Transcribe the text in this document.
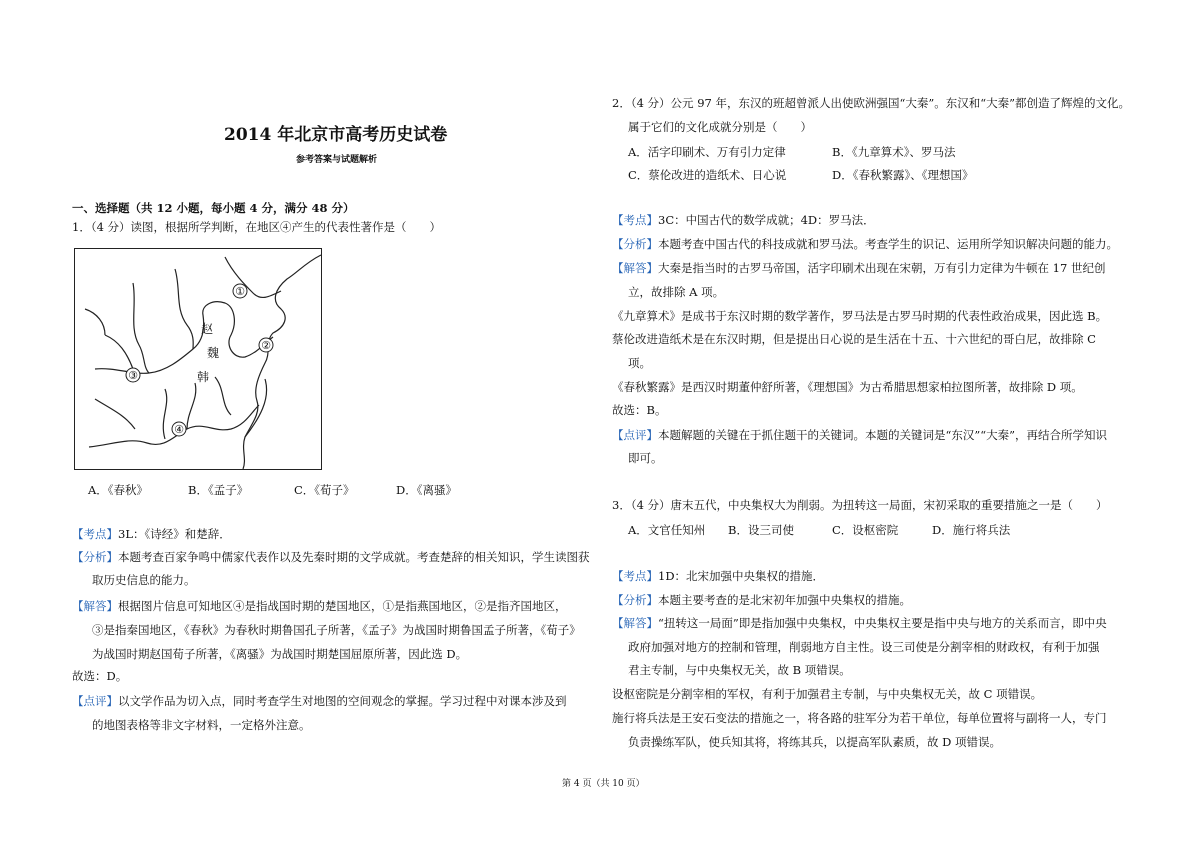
2014 年北京市高考历史试卷
参考答案与试题解析
一、选择题（共 12 小题，每小题 4 分，满分 48 分）
1．（4 分）读图，根据所学判断，在地区④产生的代表性著作是（　　）
①
②
③
④
赵
魏
韩
A．《春秋》	B．《孟子》	C．《荀子》	D．《离骚》
【考点】3L：《诗经》和楚辞．
【分析】本题考查百家争鸣中儒家代表作以及先秦时期的文学成就。考查楚辞的相关知识，学生读图获
取历史信息的能力。
【解答】根据图片信息可知地区④是指战国时期的楚国地区，①是指燕国地区，②是指齐国地区，
③是指秦国地区，《春秋》为春秋时期鲁国孔子所著，《孟子》为战国时期鲁国孟子所著，《荀子》
为战国时期赵国荀子所著，《离骚》为战国时期楚国屈原所著，因此选 D。
故选：D。
【点评】以文学作品为切入点，同时考查学生对地图的空间观念的掌握。学习过程中对课本涉及到
的地图表格等非文字材料，一定格外注意。
2．（4 分）公元 97 年，东汉的班超曾派人出使欧洲强国“大秦”。东汉和“大秦”都创造了辉煌的文化。
属于它们的文化成就分别是（　　）
A．活字印刷术、万有引力定律	B．《九章算术》、罗马法
C．蔡伦改进的造纸术、日心说	D．《春秋繁露》、《理想国》
【考点】3C：中国古代的数学成就；4D：罗马法．
【分析】本题考查中国古代的科技成就和罗马法。考查学生的识记、运用所学知识解决问题的能力。
【解答】大秦是指当时的古罗马帝国，活字印刷术出现在宋朝，万有引力定律为牛顿在 17 世纪创
立，故排除 A 项。
《九章算术》是成书于东汉时期的数学著作，罗马法是古罗马时期的代表性政治成果，因此选 B。
蔡伦改进造纸术是在东汉时期，但是提出日心说的是生活在十五、十六世纪的哥白尼，故排除 C
项。
《春秋繁露》是西汉时期董仲舒所著，《理想国》为古希腊思想家柏拉图所著，故排除 D 项。
故选：B。
【点评】本题解题的关键在于抓住题干的关键词。本题的关键词是“东汉”“大秦”，再结合所学知识
即可。
3．（4 分）唐末五代，中央集权大为削弱。为扭转这一局面，宋初采取的重要措施之一是（　　）
A．文官任知州 B．设三司使	C．设枢密院	D．施行将兵法
【考点】1D：北宋加强中央集权的措施．
【分析】本题主要考查的是北宋初年加强中央集权的措施。
【解答】“扭转这一局面”即是指加强中央集权，中央集权主要是指中央与地方的关系而言，即中央
政府加强对地方的控制和管理，削弱地方自主性。设三司使是分割宰相的财政权，有利于加强
君主专制，与中央集权无关，故 B 项错误。
设枢密院是分割宰相的军权，有利于加强君主专制，与中央集权无关，故 C 项错误。
施行将兵法是王安石变法的措施之一，将各路的驻军分为若干单位，每单位置将与副将一人，专门
负责操练军队，使兵知其将，将练其兵，以提高军队素质，故 D 项错误。
第 4 页（共 10 页）
